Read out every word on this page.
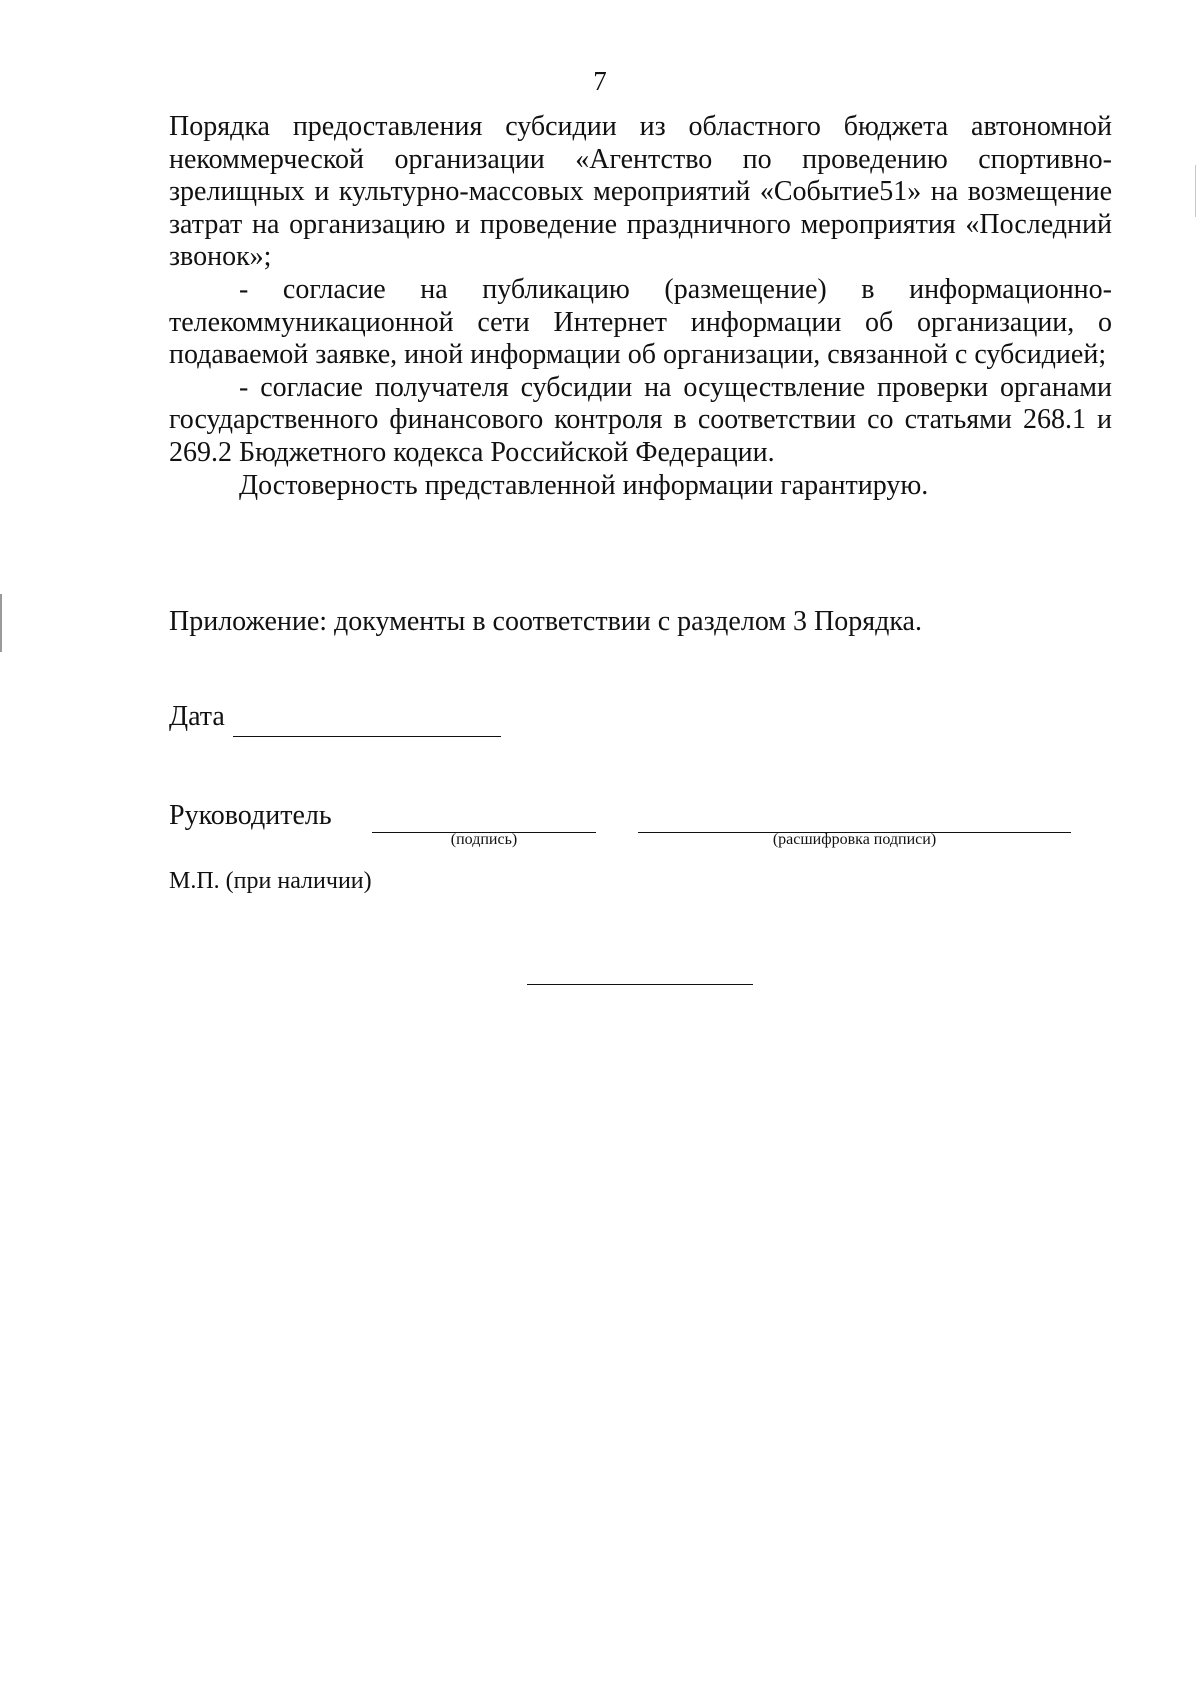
7

Порядка предоставления субсидии из областного бюджета автономной некоммерческой организации «Агентство по проведению спортивно-зрелищных и культурно-массовых мероприятий «Событие51» на возмещение затрат на организацию и проведение праздничного мероприятия «Последний звонок»;

- согласие на публикацию (размещение) в информационно-телекоммуникационной сети Интернет информации об организации, о подаваемой заявке, иной информации об организации, связанной с субсидией;

- согласие получателя субсидии на осуществление проверки органами государственного финансового контроля в соответствии со статьями 268.1 и 269.2 Бюджетного кодекса Российской Федерации.

Достоверность представленной информации гарантирую.

Приложение: документы в соответствии с разделом 3 Порядка.
Дата
Руководитель
(подпись)	(расшифровка подписи)
М.П. (при наличии)
